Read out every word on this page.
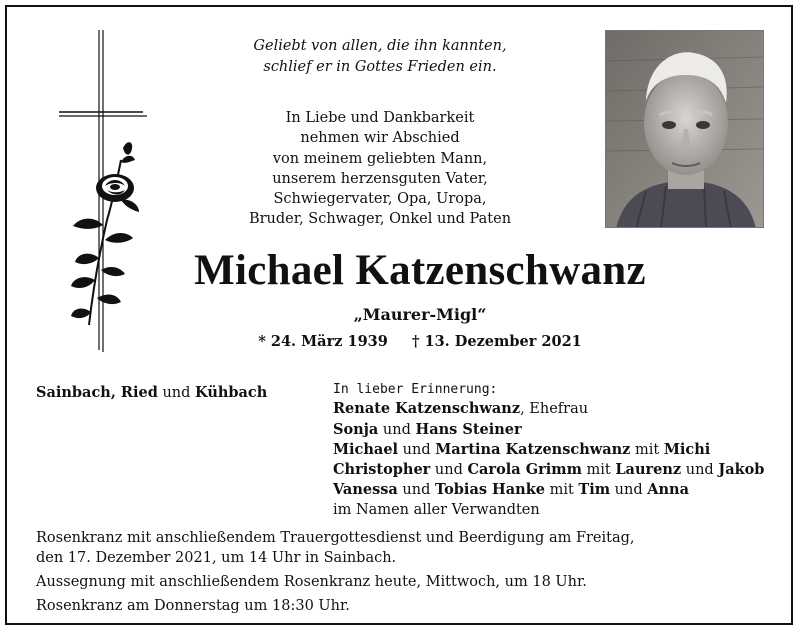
Geliebt von allen, die ihn kannten,
schlief er in Gottes Frieden ein.
In Liebe und Dankbarkeit
nehmen wir Abschied
von meinem geliebten Mann,
unserem herzensguten Vater,
Schwiegervater, Opa, Uropa,
Bruder, Schwager, Onkel und Paten
Michael Katzenschwanz
„Maurer-Migl“
* 24. März 1939 † 13. Dezember 2021
Sainbach, Ried und Kühbach	In lieber Erinnerung:
Renate Katzenschwanz, Ehefrau
Sonja und Hans Steiner
Michael und Martina Katzenschwanz mit Michi
Christopher und Carola Grimm mit Laurenz und Jakob
Vanessa und Tobias Hanke mit Tim und Anna
im Namen aller Verwandten
Rosenkranz mit anschließendem Trauergottesdienst und Beerdigung am Freitag,
den 17. Dezember 2021, um 14 Uhr in Sainbach.
Aussegnung mit anschließendem Rosenkranz heute, Mittwoch, um 18 Uhr.
Rosenkranz am Donnerstag um 18:30 Uhr.
